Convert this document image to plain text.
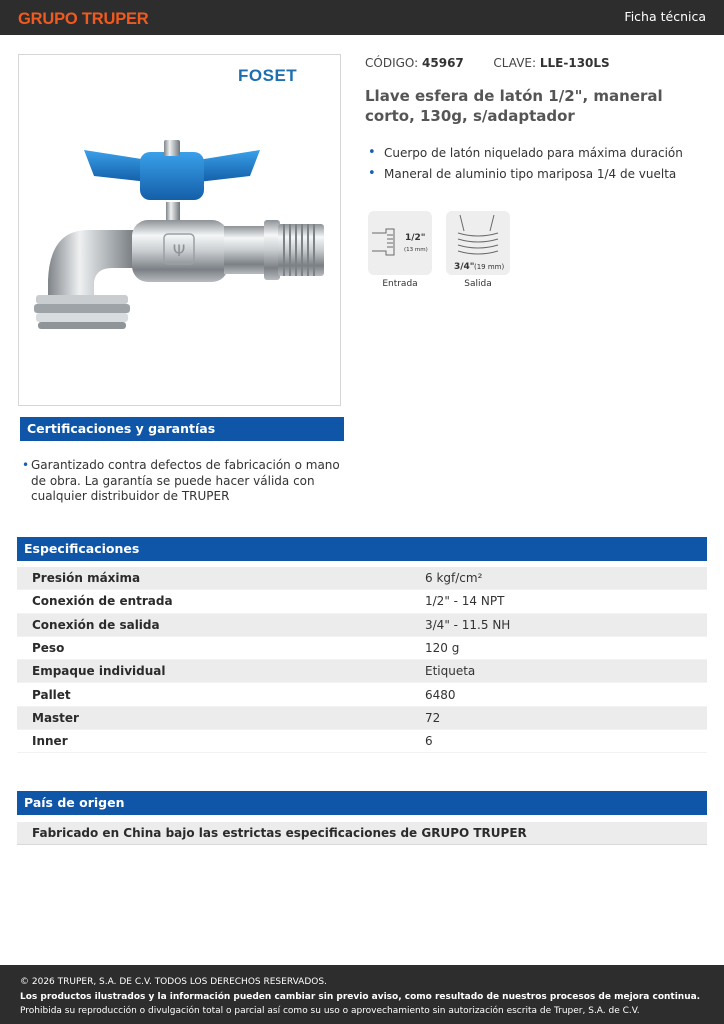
GRUPO TRUPER	Ficha técnica
FOSET
Ψ
CÓDIGO: 45967 CLAVE: LLE-130LS
Llave esfera de latón 1/2", maneral corto, 130g, s/adaptador
• Cuerpo de latón niquelado para máxima duración
• Maneral de aluminio tipo mariposa 1/4 de vuelta
1/2"
(13 mm)
3/4" (19 mm)
Entrada	Salida
Certificaciones y garantías
• Garantizado contra defectos de fabricación o mano de obra. La garantía se puede hacer válida con cualquier distribuidor de TRUPER
Especificaciones
Presión máxima	6 kgf/cm²
Conexión de entrada	1/2" - 14 NPT
Conexión de salida	3/4" - 11.5 NH
Peso	120 g
Empaque individual	Etiqueta
Pallet	6480
Master	72
Inner	6
País de origen
Fabricado en China bajo las estrictas especificaciones de GRUPO TRUPER
© 2026 TRUPER, S.A. DE C.V. TODOS LOS DERECHOS RESERVADOS.
Los productos ilustrados y la información pueden cambiar sin previo aviso, como resultado de nuestros procesos de mejora continua.
Prohibida su reproducción o divulgación total o parcial así como su uso o aprovechamiento sin autorización escrita de Truper, S.A. de C.V.
